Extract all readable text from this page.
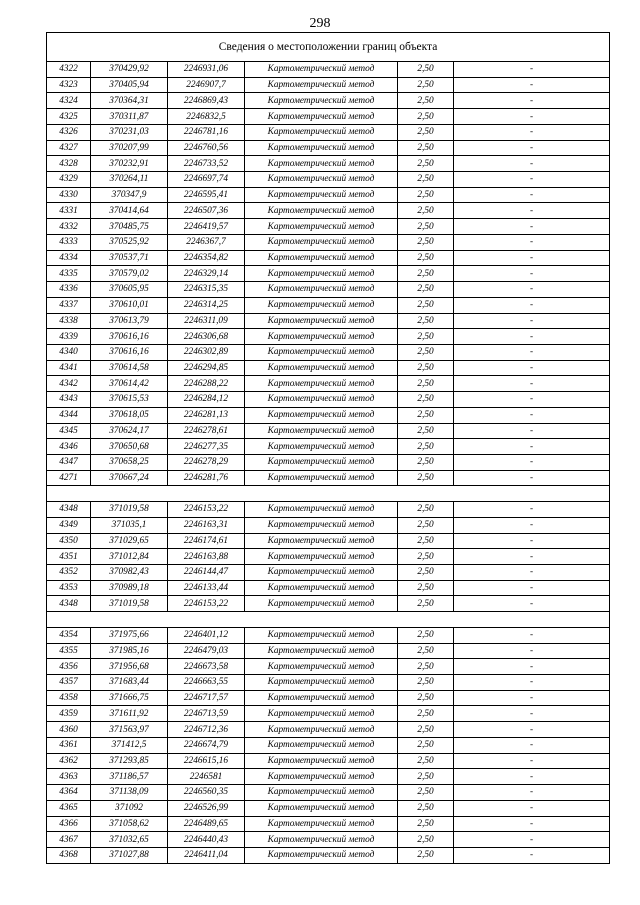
298
Сведения о местоположении границ объекта					
4322	370429,92	2246931,06	Картометрический метод	2,50	-
4323	370405,94	2246907,7	Картометрический метод	2,50	-
4324	370364,31	2246869,43	Картометрический метод	2,50	-
4325	370311,87	2246832,5	Картометрический метод	2,50	-
4326	370231,03	2246781,16	Картометрический метод	2,50	-
4327	370207,99	2246760,56	Картометрический метод	2,50	-
4328	370232,91	2246733,52	Картометрический метод	2,50	-
4329	370264,11	2246697,74	Картометрический метод	2,50	-
4330	370347,9	2246595,41	Картометрический метод	2,50	-
4331	370414,64	2246507,36	Картометрический метод	2,50	-
4332	370485,75	2246419,57	Картометрический метод	2,50	-
4333	370525,92	2246367,7	Картометрический метод	2,50	-
4334	370537,71	2246354,82	Картометрический метод	2,50	-
4335	370579,02	2246329,14	Картометрический метод	2,50	-
4336	370605,95	2246315,35	Картометрический метод	2,50	-
4337	370610,01	2246314,25	Картометрический метод	2,50	-
4338	370613,79	2246311,09	Картометрический метод	2,50	-
4339	370616,16	2246306,68	Картометрический метод	2,50	-
4340	370616,16	2246302,89	Картометрический метод	2,50	-
4341	370614,58	2246294,85	Картометрический метод	2,50	-
4342	370614,42	2246288,22	Картометрический метод	2,50	-
4343	370615,53	2246284,12	Картометрический метод	2,50	-
4344	370618,05	2246281,13	Картометрический метод	2,50	-
4345	370624,17	2246278,61	Картометрический метод	2,50	-
4346	370650,68	2246277,35	Картометрический метод	2,50	-
4347	370658,25	2246278,29	Картометрический метод	2,50	-
4271	370667,24	2246281,76	Картометрический метод	2,50	-

4348	371019,58	2246153,22	Картометрический метод	2,50	-
4349	371035,1	2246163,31	Картометрический метод	2,50	-
4350	371029,65	2246174,61	Картометрический метод	2,50	-
4351	371012,84	2246163,88	Картометрический метод	2,50	-
4352	370982,43	2246144,47	Картометрический метод	2,50	-
4353	370989,18	2246133,44	Картометрический метод	2,50	-
4348	371019,58	2246153,22	Картометрический метод	2,50	-

4354	371975,66	2246401,12	Картометрический метод	2,50	-
4355	371985,16	2246479,03	Картометрический метод	2,50	-
4356	371956,68	2246673,58	Картометрический метод	2,50	-
4357	371683,44	2246663,55	Картометрический метод	2,50	-
4358	371666,75	2246717,57	Картометрический метод	2,50	-
4359	371611,92	2246713,59	Картометрический метод	2,50	-
4360	371563,97	2246712,36	Картометрический метод	2,50	-
4361	371412,5	2246674,79	Картометрический метод	2,50	-
4362	371293,85	2246615,16	Картометрический метод	2,50	-
4363	371186,57	2246581	Картометрический метод	2,50	-
4364	371138,09	2246560,35	Картометрический метод	2,50	-
4365	371092	2246526,99	Картометрический метод	2,50	-
4366	371058,62	2246489,65	Картометрический метод	2,50	-
4367	371032,65	2246440,43	Картометрический метод	2,50	-
4368	371027,88	2246411,04	Картометрический метод	2,50	-
